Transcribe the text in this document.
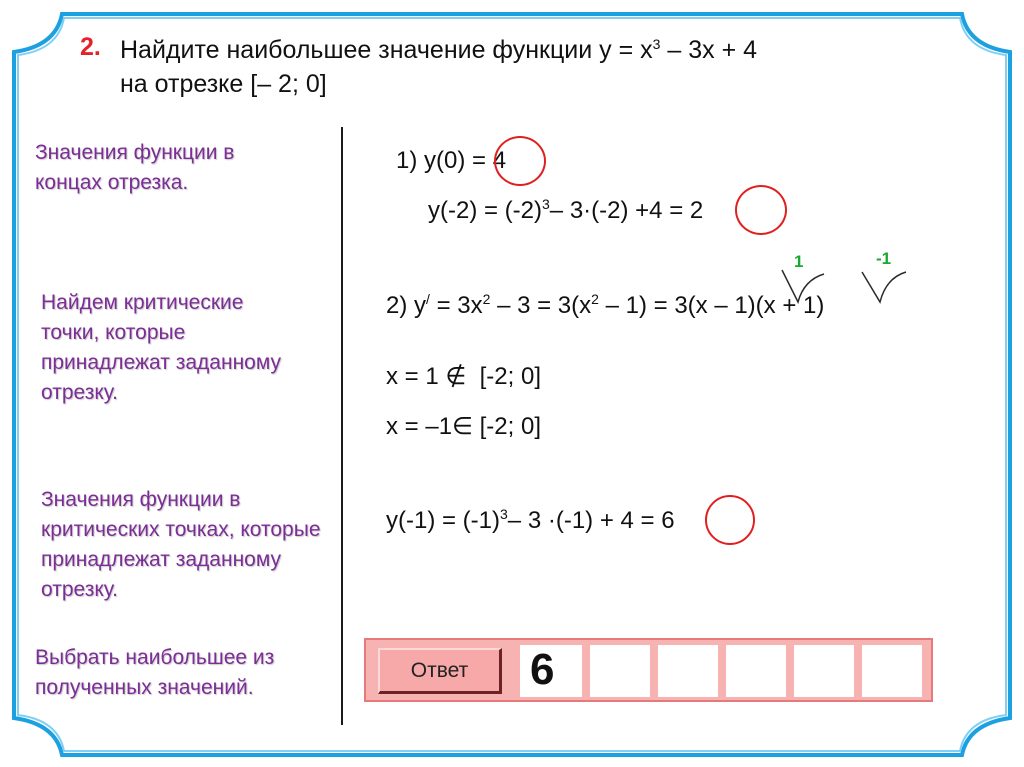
2. Найдите наибольшее значение функции $y = x^3 - 3x + 4$
на отрезке [– 2; 0]
Значения функции в концах отрезка.
Найдем критические точки, которые принадлежат заданному отрезку.
Значения функции в критических точках, которые принадлежат заданному отрезку.
Выбрать наибольшее из полученных значений.
1) y(0) = 4
$y(-2) = (-2)^3-$ 3·(-2) +4 = 2
1	-1
2) $y^/ = 3x^2 - 3 = 3(x^2 - 1) = 3(x - 1)(x + 1)$
x = 1 ∉ [-2; 0]
x = –1∈ [-2; 0]
$y(-1) = (-1)^3-$ 3 ·(-1) + 4 = 6
Ответ	6
